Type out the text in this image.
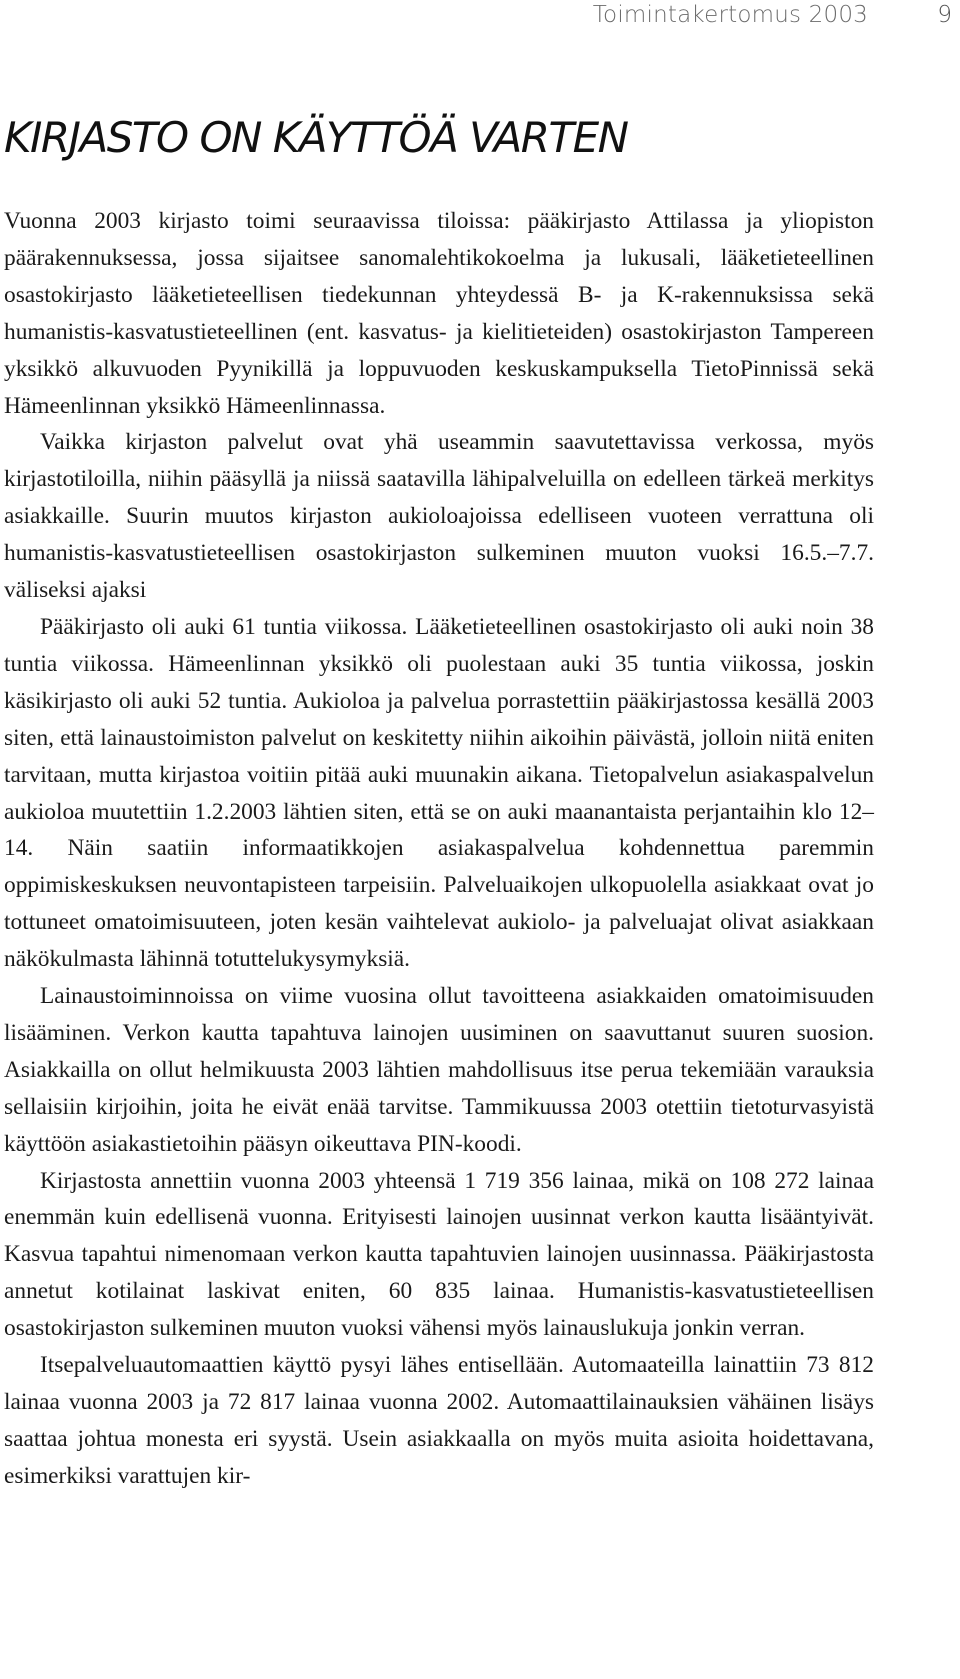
Toimintakertomus 2003	9
KIRJASTO ON KÄYTTÖÄ VARTEN

Vuonna 2003 kirjasto toimi seuraavissa tiloissa: pääkirjasto Attilassa ja yliopiston päärakennuksessa, jossa sijaitsee sanomalehtikokoelma ja lukusali, lääketieteellinen osastokirjasto lääketieteellisen tiedekunnan yhteydessä B- ja K-rakennuksissa sekä humanistis-kasvatustieteellinen (ent. kasvatus- ja kielitieteiden) osastokirjaston Tampereen yksikkö alkuvuoden Pyynikillä ja loppuvuoden keskuskampuksella TietoPinnissä sekä Hämeenlinnan yksikkö Hämeenlinnassa.

Vaikka kirjaston palvelut ovat yhä useammin saavutettavissa verkossa, myös kirjastotiloilla, niihin pääsyllä ja niissä saatavilla lähipalveluilla on edelleen tärkeä merkitys asiakkaille. Suurin muutos kirjaston aukioloajoissa edelliseen vuoteen verrattuna oli humanistis-kasvatustieteellisen osastokirjaston sulkeminen muuton vuoksi 16.5.–7.7. väliseksi ajaksi

Pääkirjasto oli auki 61 tuntia viikossa. Lääketieteellinen osastokirjasto oli auki noin 38 tuntia viikossa. Hämeenlinnan yksikkö oli puolestaan auki 35 tuntia viikossa, joskin käsikirjasto oli auki 52 tuntia. Aukioloa ja palvelua porrastettiin pääkirjastossa kesällä 2003 siten, että lainaustoimiston palvelut on keskitetty niihin aikoihin päivästä, jolloin niitä eniten tarvitaan, mutta kirjastoa voitiin pitää auki muunakin aikana. Tietopalvelun asiakaspalvelun aukioloa muutettiin 1.2.2003 lähtien siten, että se on auki maanantaista perjantaihin klo 12–14. Näin saatiin informaatikkojen asiakaspalvelua kohdennettua paremmin oppimiskeskuksen neuvontapisteen tarpeisiin. Palveluaikojen ulkopuolella asiakkaat ovat jo tottuneet omatoimisuuteen, joten kesän vaihtelevat aukiolo- ja palveluajat olivat asiakkaan näkökulmasta lähinnä totuttelukysymyksiä.

Lainaustoiminnoissa on viime vuosina ollut tavoitteena asiakkaiden omatoimisuuden lisääminen. Verkon kautta tapahtuva lainojen uusiminen on saavuttanut suuren suosion. Asiakkailla on ollut helmikuusta 2003 lähtien mahdollisuus itse perua tekemiään varauksia sellaisiin kirjoihin, joita he eivät enää tarvitse. Tammikuussa 2003 otettiin tietoturvasyistä käyttöön asiakastietoihin pääsyn oikeuttava PIN-koodi.

Kirjastosta annettiin vuonna 2003 yhteensä 1 719 356 lainaa, mikä on 108 272 lainaa enemmän kuin edellisenä vuonna. Erityisesti lainojen uusinnat verkon kautta lisääntyivät. Kasvua tapahtui nimenomaan verkon kautta tapahtuvien lainojen uusinnassa. Pääkirjastosta annetut kotilainat laskivat eniten, 60 835 lainaa. Humanistis-kasvatustieteellisen osastokirjaston sulkeminen muuton vuoksi vähensi myös lainauslukuja jonkin verran.

Itsepalveluautomaattien käyttö pysyi lähes entisellään. Automaateilla lainattiin 73 812 lainaa vuonna 2003 ja 72 817 lainaa vuonna 2002. Automaattilainauksien vähäinen lisäys saattaa johtua monesta eri syystä. Usein asiakkaalla on myös muita asioita hoidettavana, esimerkiksi varattujen kir-
